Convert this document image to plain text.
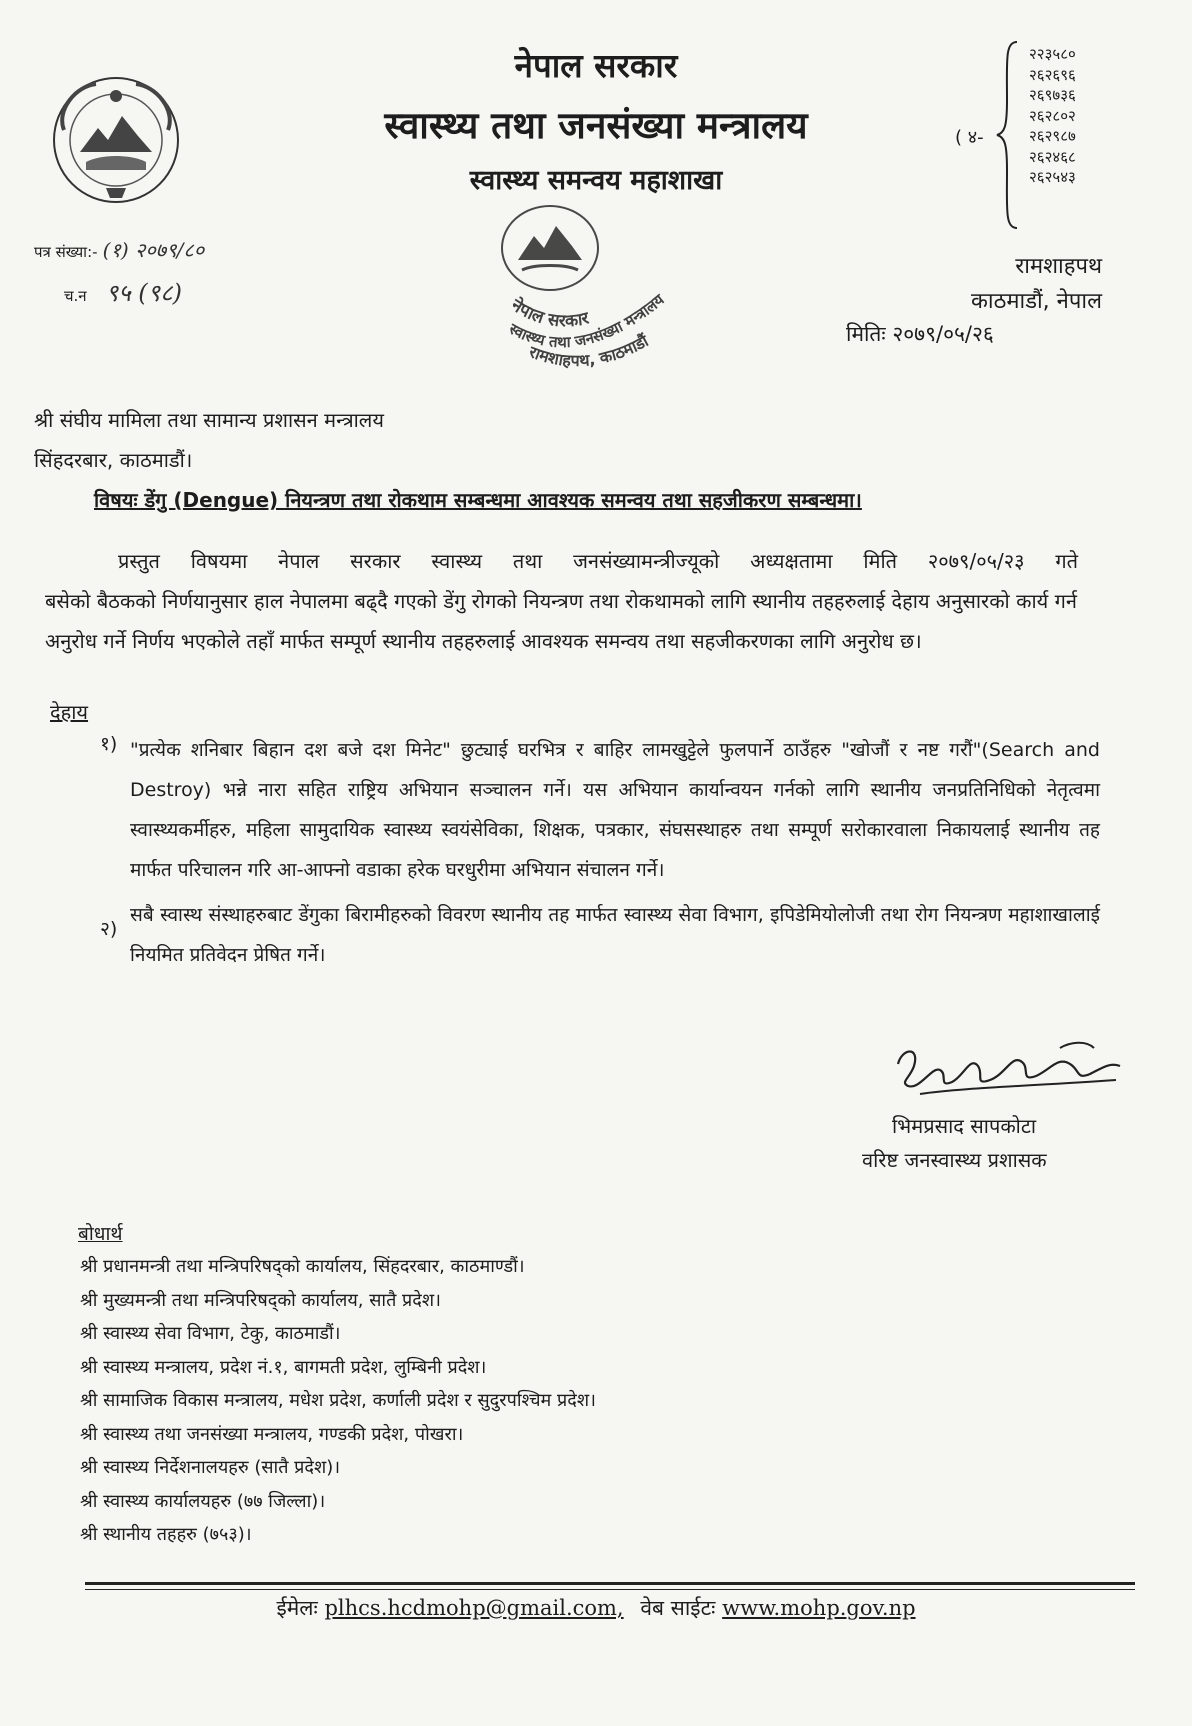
नेपाल सरकार
स्वास्थ्य तथा जनसंख्या मन्त्रालय
स्वास्थ्य समन्वय महाशाखा
( ४-
२२३५८०
२६२६९६
२६९७३६
२६२८०२
२६२९८७
२६२४६८
२६२५४३
नेपाल सरकार
स्वास्थ्य तथा जनसंख्या मन्त्रालय
रामशाहपथ, काठमाडौं
पत्र संख्या:- (१) २०७९/८०
च.न ९५ (९८)
रामशाहपथ
काठमाडौं, नेपाल
मितिः २०७९/०५/२६
श्री संघीय मामिला तथा सामान्य प्रशासन मन्त्रालय
सिंहदरबार, काठमाडौं।
विषयः डेंगु (Dengue) नियन्त्रण तथा रोकथाम सम्बन्धमा आवश्यक समन्वय तथा सहजीकरण सम्बन्धमा।
प्रस्तुत विषयमा नेपाल सरकार स्वास्थ्य तथा जनसंख्यामन्त्रीज्यूको अध्यक्षतामा मिति २०७९/०५/२३ गते
बसेको बैठकको निर्णयानुसार हाल नेपालमा बढ्दै गएको डेंगु रोगको नियन्त्रण तथा रोकथामको लागि स्थानीय तहहरुलाई देहाय अनुसारको कार्य गर्न अनुरोध गर्ने निर्णय भएकोले तहाँ मार्फत सम्पूर्ण स्थानीय तहहरुलाई आवश्यक समन्वय तथा सहजीकरणका लागि अनुरोध छ।
देहाय
१) "प्रत्येक शनिबार बिहान दश बजे दश मिनेट" छुट्याई घरभित्र र बाहिर लामखुट्टेले फुलपार्ने ठाउँहरु "खोजौं र नष्ट गरौं"(Search and Destroy) भन्ने नारा सहित राष्ट्रिय अभियान सञ्चालन गर्ने। यस अभियान कार्यान्वयन गर्नको लागि स्थानीय जनप्रतिनिधिको नेतृत्वमा स्वास्थ्यकर्मीहरु, महिला सामुदायिक स्वास्थ्य स्वयंसेविका, शिक्षक, पत्रकार, संघसस्थाहरु तथा सम्पूर्ण सरोकारवाला निकायलाई स्थानीय तह मार्फत परिचालन गरि आ-आफ्नो वडाका हरेक घरधुरीमा अभियान संचालन गर्ने।
२)
सबै स्वास्थ संस्थाहरुबाट डेंगुका बिरामीहरुको विवरण स्थानीय तह मार्फत स्वास्थ्य सेवा विभाग, इपिडेमियोलोजी तथा रोग नियन्त्रण महाशाखालाई नियमित प्रतिवेदन प्रेषित गर्ने।
भिमप्रसाद सापकोटा
वरिष्ट जनस्वास्थ्य प्रशासक
बोधार्थ
श्री प्रधानमन्त्री तथा मन्त्रिपरिषद्को कार्यालय, सिंहदरबार, काठमाण्डौं।
श्री मुख्यमन्त्री तथा मन्त्रिपरिषद्को कार्यालय, सातै प्रदेश।
श्री स्वास्थ्य सेवा विभाग, टेकु, काठमाडौं।
श्री स्वास्थ्य मन्त्रालय, प्रदेश नं.१, बागमती प्रदेश, लुम्बिनी प्रदेश।
श्री सामाजिक विकास मन्त्रालय, मधेश प्रदेश, कर्णाली प्रदेश र सुदुरपश्चिम प्रदेश।
श्री स्वास्थ्य तथा जनसंख्या मन्त्रालय, गण्डकी प्रदेश, पोखरा।
श्री स्वास्थ्य निर्देशनालयहरु (सातै प्रदेश)।
श्री स्वास्थ्य कार्यालयहरु (७७ जिल्ला)।
श्री स्थानीय तहहरु (७५३)।
ईमेलः plhcs.hcdmohp@gmail.com, वेब साईटः www.mohp.gov.np
